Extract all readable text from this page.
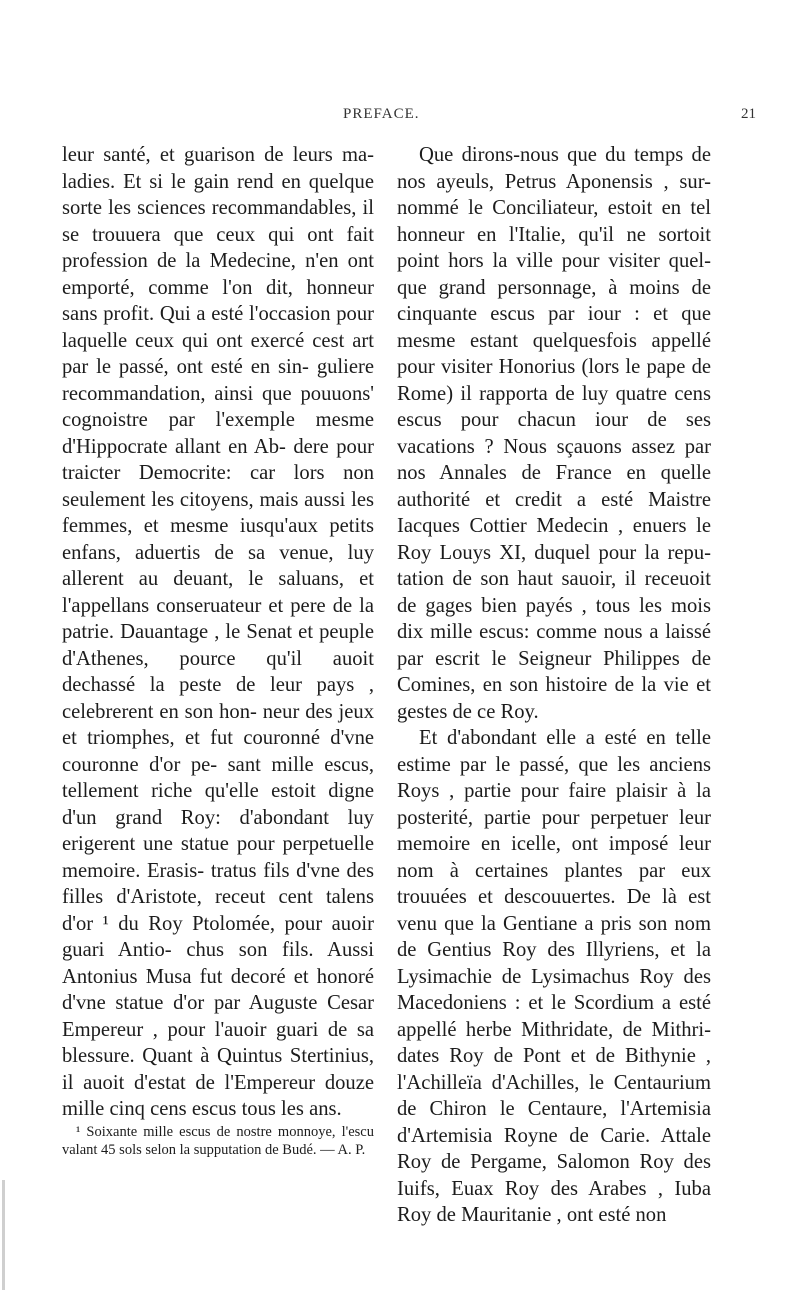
PREFACE.	21

leur santé, et guarison de leurs ma- ladies. Et si le gain rend en quelque sorte les sciences recommandables, il se trouuera que ceux qui ont fait profession de la Medecine, n'en ont emporté, comme l'on dit, honneur sans profit. Qui a esté l'occasion pour laquelle ceux qui ont exercé cest art par le passé, ont esté en sin- guliere recommandation, ainsi que pouuons' cognoistre par l'exemple mesme d'Hippocrate allant en Ab- dere pour traicter Democrite: car lors non seulement les citoyens, mais aussi les femmes, et mesme iusqu'aux petits enfans, aduertis de sa venue, luy allerent au deuant, le saluans, et l'appellans conseruateur et pere de la patrie. Dauantage , le Senat et peuple d'Athenes, pource qu'il auoit dechassé la peste de leur pays , celebrerent en son hon- neur des jeux et triomphes, et fut couronné d'vne couronne d'or pe- sant mille escus, tellement riche qu'elle estoit digne d'un grand Roy: d'abondant luy erigerent une statue pour perpetuelle memoire. Erasis- tratus fils d'vne des filles d'Aristote, receut cent talens d'or ¹ du Roy Ptolomée, pour auoir guari Antio- chus son fils. Aussi Antonius Musa fut decoré et honoré d'vne statue d'or par Auguste Cesar Empereur , pour l'auoir guari de sa blessure. Quant à Quintus Stertinius, il auoit d'estat de l'Empereur douze mille cinq cens escus tous les ans.

¹ Soixante mille escus de nostre monnoye, l'escu valant 45 sols selon la supputation de Budé. — A. P.

Que dirons-nous que du temps de nos ayeuls, Petrus Aponensis , sur- nommé le Conciliateur, estoit en tel honneur en l'Italie, qu'il ne sortoit point hors la ville pour visiter quel- que grand personnage, à moins de cinquante escus par iour : et que mesme estant quelquesfois appellé pour visiter Honorius (lors le pape de Rome) il rapporta de luy quatre cens escus pour chacun iour de ses vacations ? Nous sçauons assez par nos Annales de France en quelle authorité et credit a esté Maistre Iacques Cottier Medecin , enuers le Roy Louys XI, duquel pour la repu- tation de son haut sauoir, il receuoit de gages bien payés , tous les mois dix mille escus: comme nous a laissé par escrit le Seigneur Philippes de Comines, en son histoire de la vie et gestes de ce Roy.

Et d'abondant elle a esté en telle estime par le passé, que les anciens Roys , partie pour faire plaisir à la posterité, partie pour perpetuer leur memoire en icelle, ont imposé leur nom à certaines plantes par eux trouuées et descouuertes. De là est venu que la Gentiane a pris son nom de Gentius Roy des Illyriens, et la Lysimachie de Lysimachus Roy des Macedoniens : et le Scordium a esté appellé herbe Mithridate, de Mithri- dates Roy de Pont et de Bithynie , l'Achilleïa d'Achilles, le Centaurium de Chiron le Centaure, l'Artemisia d'Artemisia Royne de Carie. Attale Roy de Pergame, Salomon Roy des Iuifs, Euax Roy des Arabes , Iuba Roy de Mauritanie , ont esté non
